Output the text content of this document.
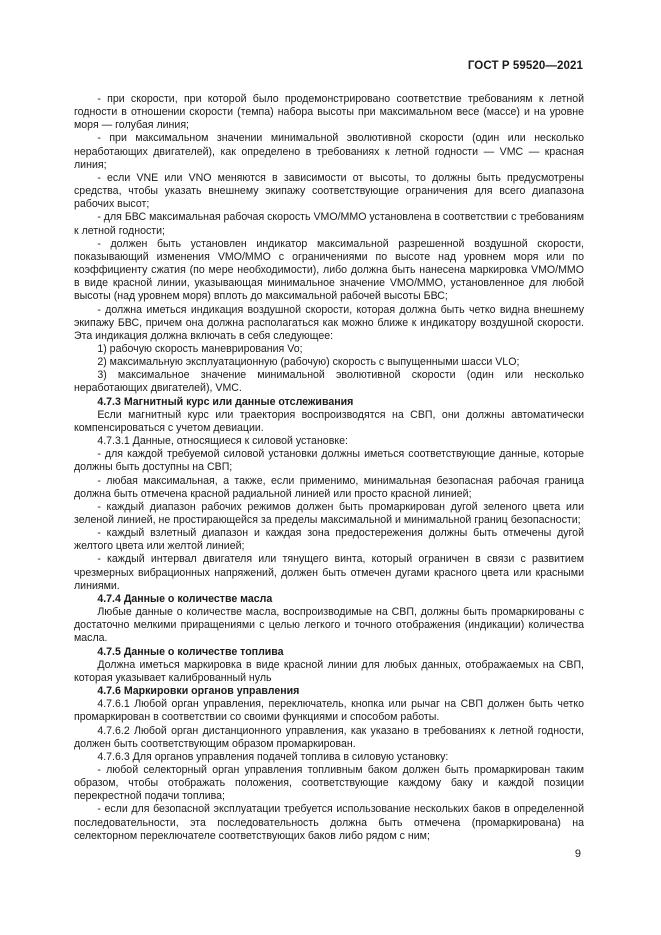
ГОСТ Р 59520—2021

- при скорости, при которой было продемонстрировано соответствие требованиям к летной годности в отношении скорости (темпа) набора высоты при максимальном весе (массе) и на уровне моря — голубая линия;

- при максимальном значении минимальной эволютивной скорости (один или несколько неработающих двигателей), как определено в требованиях к летной годности — VMC — красная линия;

- если VNE или VNO меняются в зависимости от высоты, то должны быть предусмотрены средства, чтобы указать внешнему экипажу соответствующие ограничения для всего диапазона рабочих высот;

- для БВС максимальная рабочая скорость VMO/MMO установлена в соответствии с требованиям к летной годности;

- должен быть установлен индикатор максимальной разрешенной воздушной скорости, показывающий изменения VMO/MMO с ограничениями по высоте над уровнем моря или по коэффициенту сжатия (по мере необходимости), либо должна быть нанесена маркировка VMO/MMO в виде красной линии, указывающая минимальное значение VMO/MMO, установленное для любой высоты (над уровнем моря) вплоть до максимальной рабочей высоты БВС;

- должна иметься индикация воздушной скорости, которая должна быть четко видна внешнему экипажу БВС, причем она должна располагаться как можно ближе к индикатору воздушной скорости. Эта индикация должна включать в себя следующее:

1) рабочую скорость маневрирования Vo;

2) максимальную эксплуатационную (рабочую) скорость с выпущенными шасси VLO;

3) максимальное значение минимальной эволютивной скорости (один или несколько неработающих двигателей), VMC.

4.7.3 Магнитный курс или данные отслеживания

Если магнитный курс или траектория воспроизводятся на СВП, они должны автоматически компенсироваться с учетом девиации.

4.7.3.1 Данные, относящиеся к силовой установке:

- для каждой требуемой силовой установки должны иметься соответствующие данные, которые должны быть доступны на СВП;

- любая максимальная, а также, если применимо, минимальная безопасная рабочая граница должна быть отмечена красной радиальной линией или просто красной линией;

- каждый диапазон рабочих режимов должен быть промаркирован дугой зеленого цвета или зеленой линией, не простирающейся за пределы максимальной и минимальной границ безопасности;

- каждый взлетный диапазон и каждая зона предостережения должны быть отмечены дугой желтого цвета или желтой линией;

- каждый интервал двигателя или тянущего винта, который ограничен в связи с развитием чрезмерных вибрационных напряжений, должен быть отмечен дугами красного цвета или красными линиями.

4.7.4 Данные о количестве масла

Любые данные о количестве масла, воспроизводимые на СВП, должны быть промаркированы с достаточно мелкими приращениями с целью легкого и точного отображения (индикации) количества масла.

4.7.5 Данные о количестве топлива

Должна иметься маркировка в виде красной линии для любых данных, отображаемых на СВП, которая указывает калиброванный нуль

4.7.6 Маркировки органов управления

4.7.6.1 Любой орган управления, переключатель, кнопка или рычаг на СВП должен быть четко промаркирован в соответствии со своими функциями и способом работы.

4.7.6.2 Любой орган дистанционного управления, как указано в требованиях к летной годности, должен быть соответствующим образом промаркирован.

4.7.6.3 Для органов управления подачей топлива в силовую установку:

- любой селекторный орган управления топливным баком должен быть промаркирован таким образом, чтобы отображать положения, соответствующие каждому баку и каждой позиции перекрестной подачи топлива;

- если для безопасной эксплуатации требуется использование нескольких баков в определенной последовательности, эта последовательность должна быть отмечена (промаркирована) на селекторном переключателе соответствующих баков либо рядом с ним;

9
